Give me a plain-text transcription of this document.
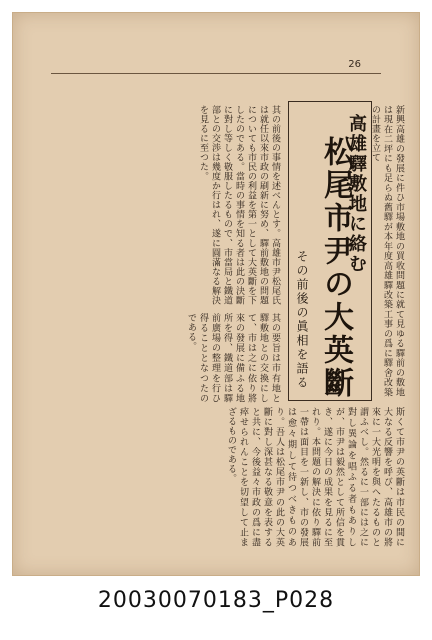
26
高雄驛敷地に絡む
松尾市尹の大英斷
その前後の眞相を語る	新興高雄の發展に件ひ市場敷地の買收問題に就て見ゆる驛前の敷地は現在二坪にも足らぬ舊驛が本年度高雄驛改築工事の爲に驛舍改築の計畫を立て
其の前後の事情を述べんとす。高雄市尹松尾氏は就任以來市政の刷新に努め、驛前敷地の問題についても市民の利益を第一として大英斷を下したのである。當時の事情を知る者は此の決斷に對し等しく敬服したるもので、市當局と鐵道部との交渉は幾度か行はれ、遂に圓滿なる解決を見るに至つた。
其の要旨は市有地と驛敷地との交換にして、市は之に依り將來の發展に備ふる地所を得、鐵道部は驛前廣場の整理を行ひ得ることとなつたのである。
斯くて市尹の英斷は市民の間に大なる反響を呼び、高雄市の將來に一大光明を與へたるものと謂ふべし。然るに一部には之に對し異論を唱ふる者もありしが、市尹は毅然として所信を貫き、遂に今日の成果を見るに至れり。本問題の解決に依り驛前一帶は面目を一新し、市の發展は愈々期して待つべきものあり。吾人は松尾市尹の此の大英斷に對し深甚なる敬意を表すると共に、今後益々市政の爲に盡瘁せられんことを切望して止まざるものである。
20030070183_P028
